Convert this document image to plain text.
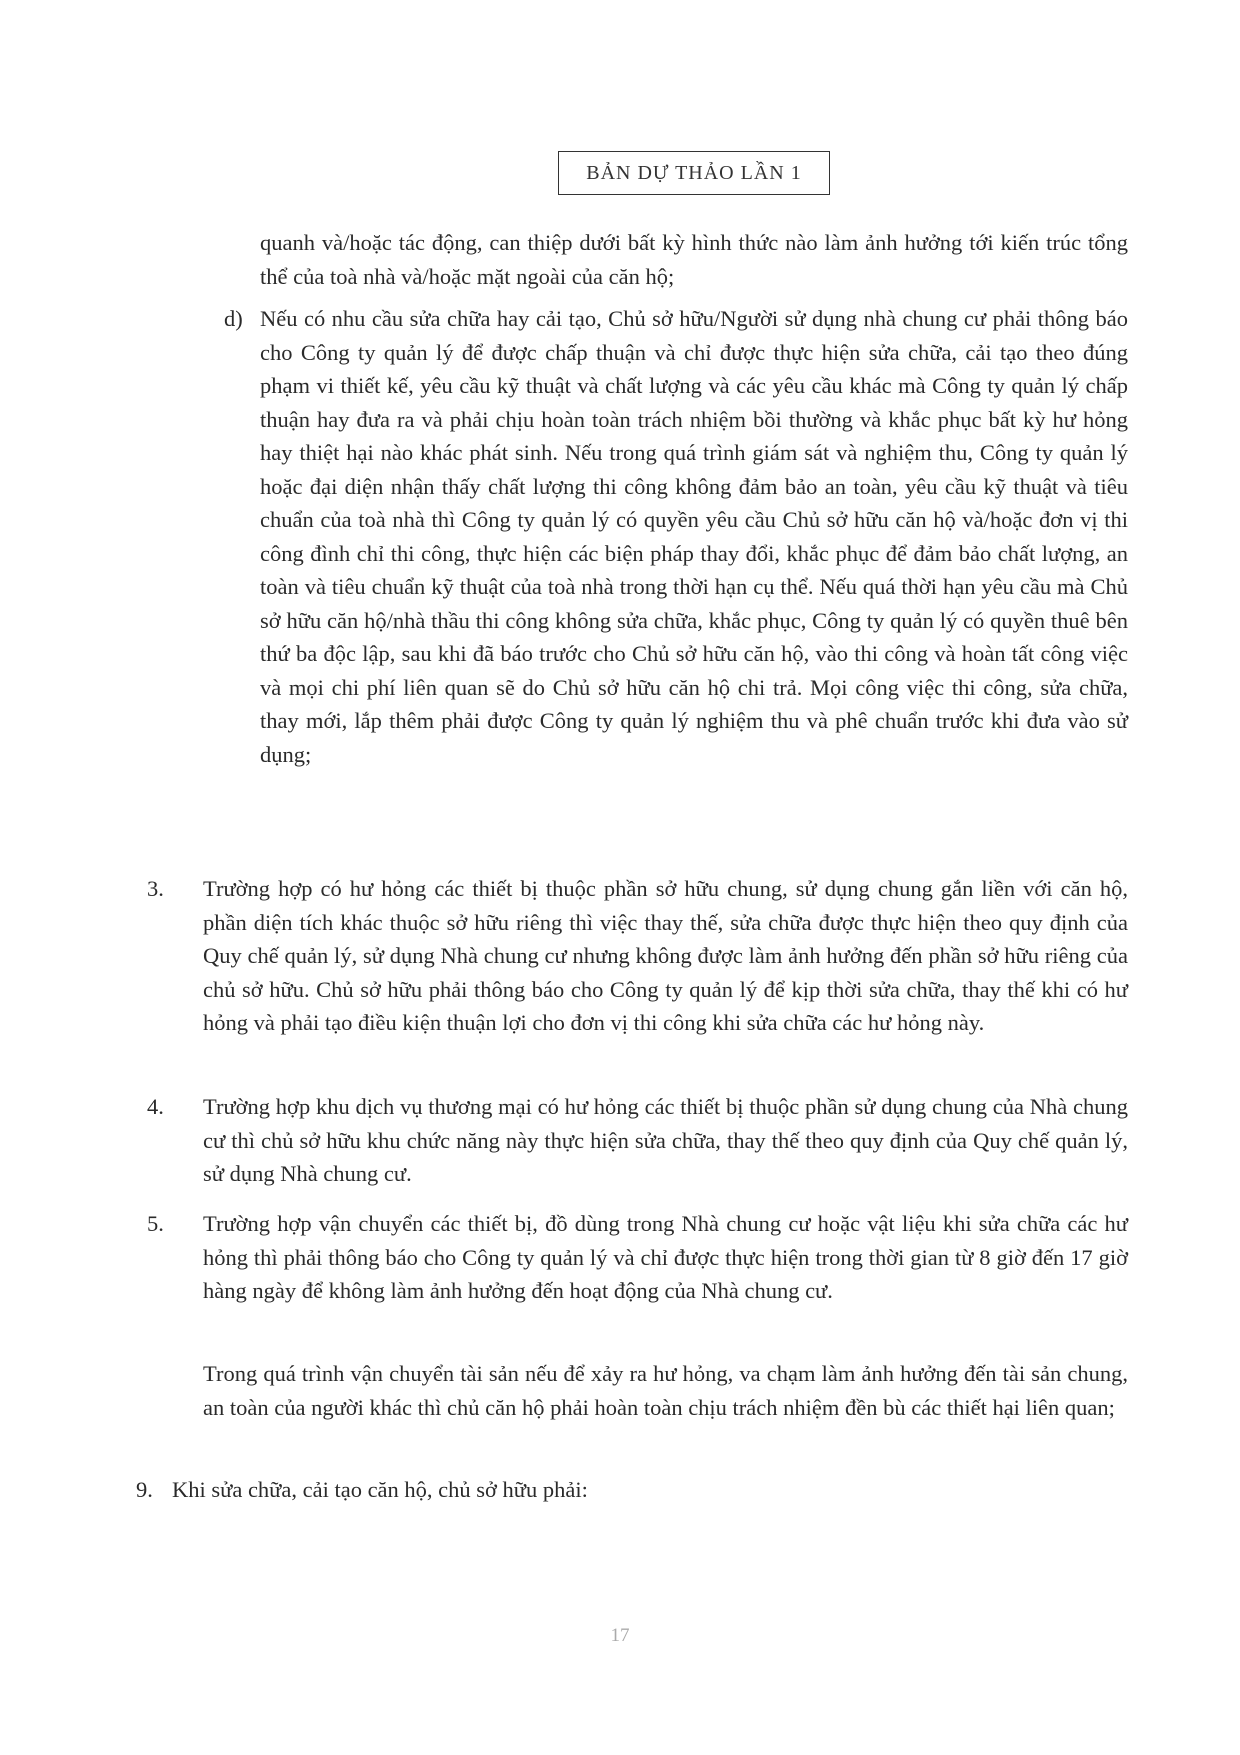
BẢN DỰ THẢO LẦN 1

quanh và/hoặc tác động, can thiệp dưới bất kỳ hình thức nào làm ảnh hưởng tới kiến trúc tổng thể của toà nhà và/hoặc mặt ngoài của căn hộ;

d) Nếu có nhu cầu sửa chữa hay cải tạo, Chủ sở hữu/Người sử dụng nhà chung cư phải thông báo cho Công ty quản lý để được chấp thuận và chỉ được thực hiện sửa chữa, cải tạo theo đúng phạm vi thiết kế, yêu cầu kỹ thuật và chất lượng và các yêu cầu khác mà Công ty quản lý chấp thuận hay đưa ra và phải chịu hoàn toàn trách nhiệm bồi thường và khắc phục bất kỳ hư hỏng hay thiệt hại nào khác phát sinh. Nếu trong quá trình giám sát và nghiệm thu, Công ty quản lý hoặc đại diện nhận thấy chất lượng thi công không đảm bảo an toàn, yêu cầu kỹ thuật và tiêu chuẩn của toà nhà thì Công ty quản lý có quyền yêu cầu Chủ sở hữu căn hộ và/hoặc đơn vị thi công đình chỉ thi công, thực hiện các biện pháp thay đổi, khắc phục để đảm bảo chất lượng, an toàn và tiêu chuẩn kỹ thuật của toà nhà trong thời hạn cụ thể. Nếu quá thời hạn yêu cầu mà Chủ sở hữu căn hộ/nhà thầu thi công không sửa chữa, khắc phục, Công ty quản lý có quyền thuê bên thứ ba độc lập, sau khi đã báo trước cho Chủ sở hữu căn hộ, vào thi công và hoàn tất công việc và mọi chi phí liên quan sẽ do Chủ sở hữu căn hộ chi trả. Mọi công việc thi công, sửa chữa, thay mới, lắp thêm phải được Công ty quản lý nghiệm thu và phê chuẩn trước khi đưa vào sử dụng;

3. Trường hợp có hư hỏng các thiết bị thuộc phần sở hữu chung, sử dụng chung gắn liền với căn hộ, phần diện tích khác thuộc sở hữu riêng thì việc thay thế, sửa chữa được thực hiện theo quy định của Quy chế quản lý, sử dụng Nhà chung cư nhưng không được làm ảnh hưởng đến phần sở hữu riêng của chủ sở hữu. Chủ sở hữu phải thông báo cho Công ty quản lý để kịp thời sửa chữa, thay thế khi có hư hỏng và phải tạo điều kiện thuận lợi cho đơn vị thi công khi sửa chữa các hư hỏng này.

4. Trường hợp khu dịch vụ thương mại có hư hỏng các thiết bị thuộc phần sử dụng chung của Nhà chung cư thì chủ sở hữu khu chức năng này thực hiện sửa chữa, thay thế theo quy định của Quy chế quản lý, sử dụng Nhà chung cư.

5. Trường hợp vận chuyển các thiết bị, đồ dùng trong Nhà chung cư hoặc vật liệu khi sửa chữa các hư hỏng thì phải thông báo cho Công ty quản lý và chỉ được thực hiện trong thời gian từ 8 giờ đến 17 giờ hàng ngày để không làm ảnh hưởng đến hoạt động của Nhà chung cư.

Trong quá trình vận chuyển tài sản nếu để xảy ra hư hỏng, va chạm làm ảnh hưởng đến tài sản chung, an toàn của người khác thì chủ căn hộ phải hoàn toàn chịu trách nhiệm đền bù các thiết hại liên quan;

9. Khi sửa chữa, cải tạo căn hộ, chủ sở hữu phải:

17
